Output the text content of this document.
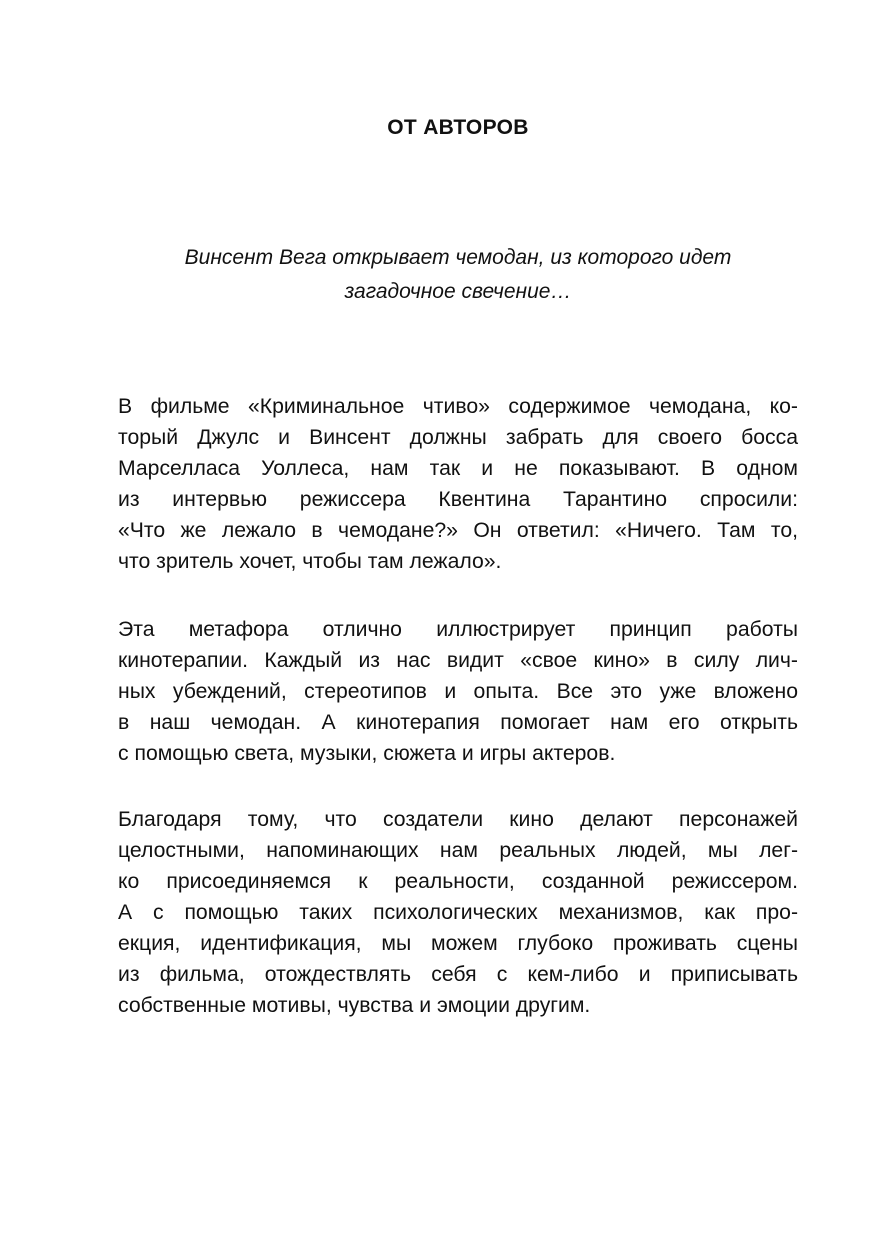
ОТ АВТОРОВ

Винсент Вега открывает чемодан, из которого идет
загадочное свечение…

В фильме «Криминальное чтиво» содержимое чемодана, ко-
торый Джулс и Винсент должны забрать для своего босса
Марселласа Уоллеса, нам так и не показывают. В одном
из интервью режиссера Квентина Тарантино спросили:
«Что же лежало в чемодане?» Он ответил: «Ничего. Там то,
что зритель хочет, чтобы там лежало».

Эта метафора отлично иллюстрирует принцип работы
кинотерапии. Каждый из нас видит «свое кино» в силу лич-
ных убеждений, стереотипов и опыта. Все это уже вложено
в наш чемодан. А кинотерапия помогает нам его открыть
с помощью света, музыки, сюжета и игры актеров.

Благодаря тому, что создатели кино делают персонажей
целостными, напоминающих нам реальных людей, мы лег-
ко присоединяемся к реальности, созданной режиссером.
А с помощью таких психологических механизмов, как про-
екция, идентификация, мы можем глубоко проживать сцены
из фильма, отождествлять себя с кем-либо и приписывать
собственные мотивы, чувства и эмоции другим.
